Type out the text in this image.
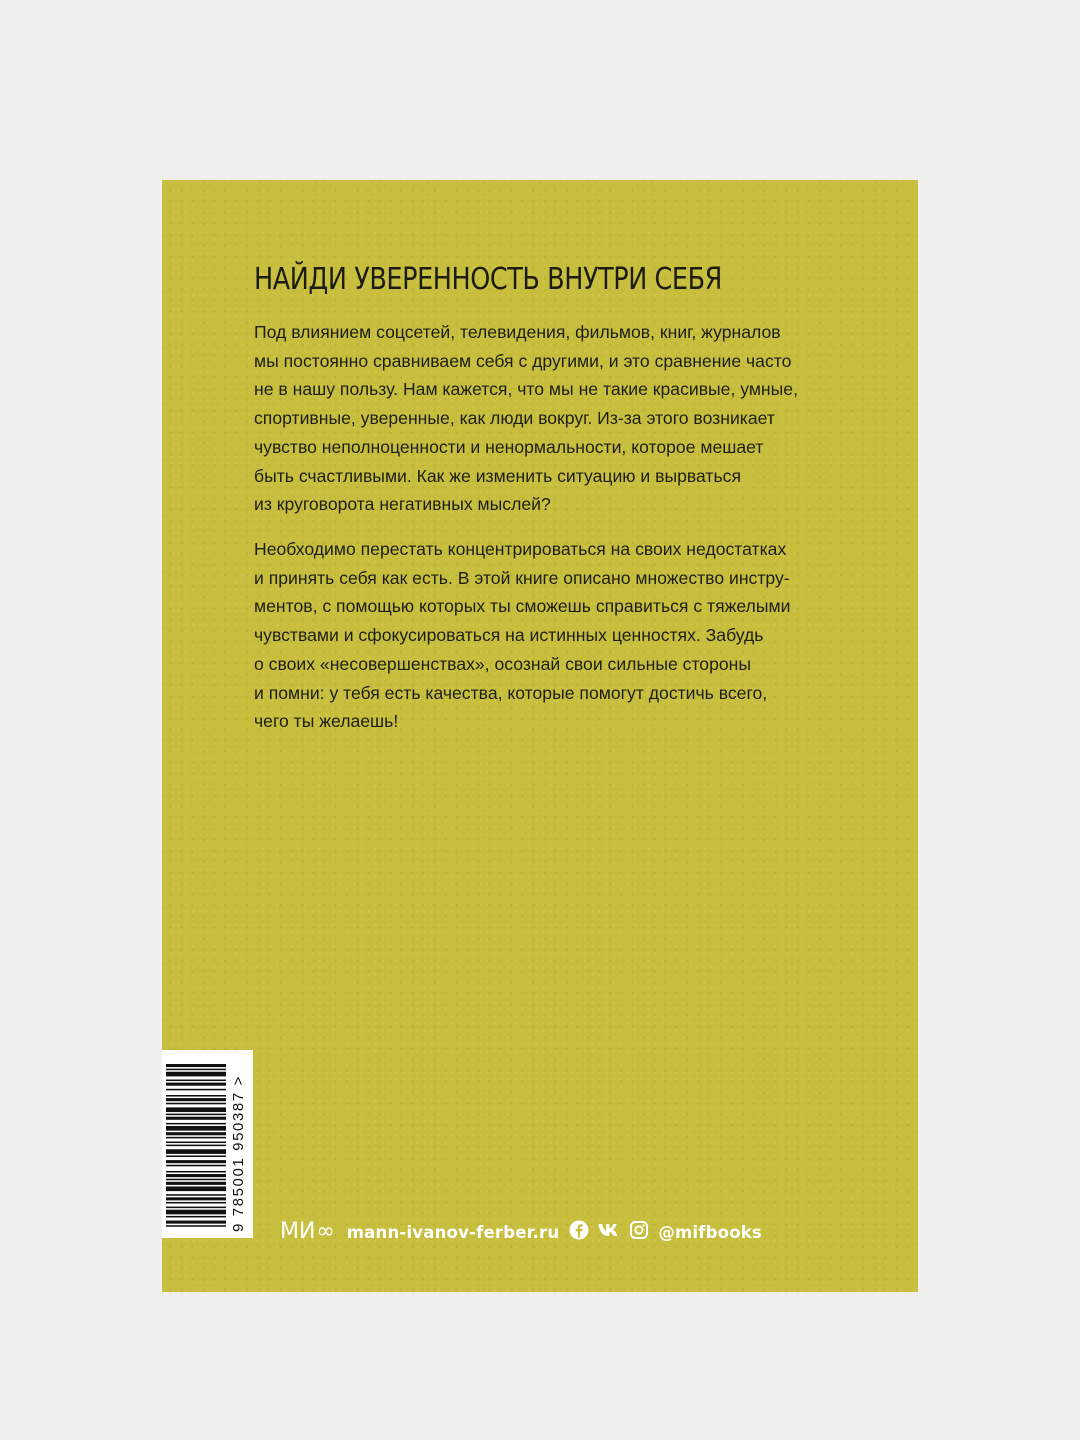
НАЙДИ УВЕРЕННОСТЬ ВНУТРИ СЕБЯ
Под влиянием соцсетей, телевидения, фильмов, книг, журналов
мы постоянно сравниваем себя с другими, и это сравнение часто
не в нашу пользу. Нам кажется, что мы не такие красивые, умные,
спортивные, уверенные, как люди вокруг. Из-за этого возникает
чувство неполноценности и ненормальности, которое мешает
быть счастливыми. Как же изменить ситуацию и вырваться
из круговорота негативных мыслей?
Необходимо перестать концентрироваться на своих недостатках
и принять себя как есть. В этой книге описано множество инстру-
ментов, с помощью которых ты сможешь справиться с тяжелыми
чувствами и сфокусироваться на истинных ценностях. Забудь
о своих «несовершенствах», осознай свои сильные стороны
и помни: у тебя есть качества, которые помогут достичь всего,
чего ты желаешь!
9 785001 950387 > МИ ∞ mann-ivanov-ferber.ru	@mifbooks
